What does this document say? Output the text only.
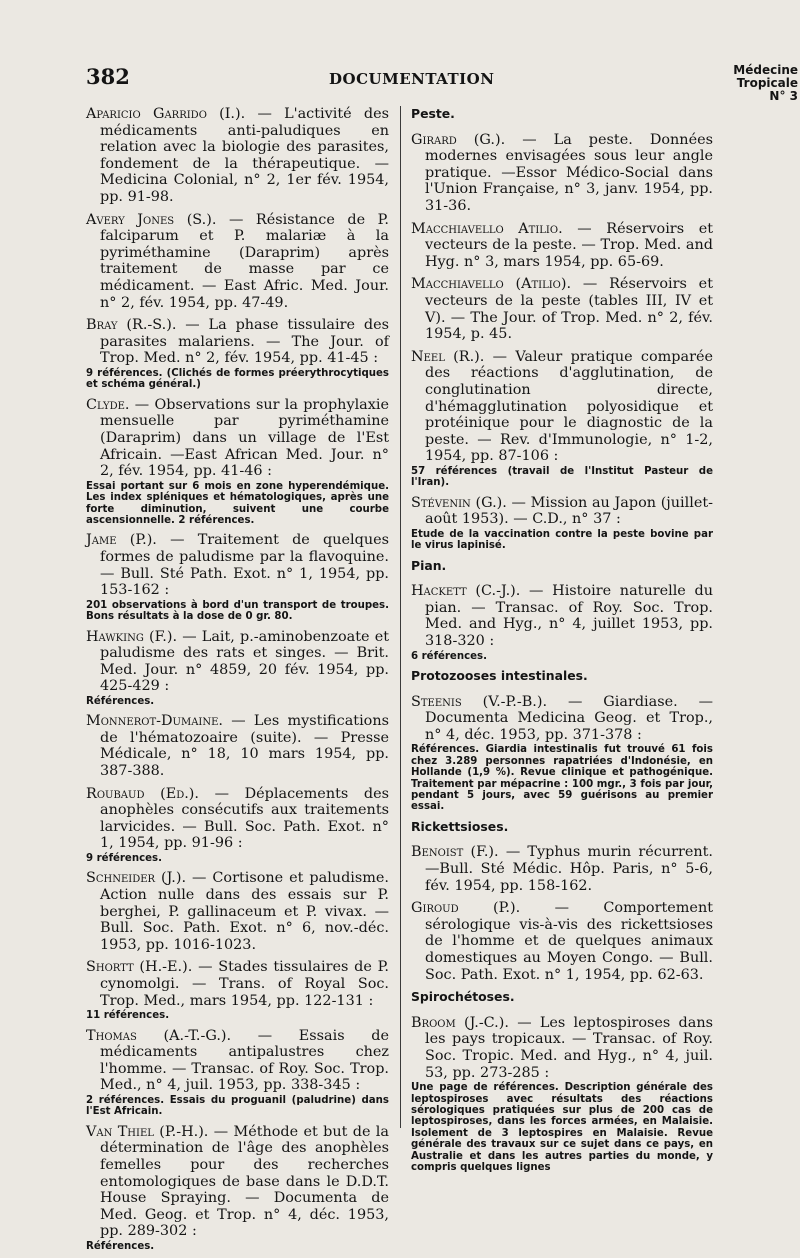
382	DOCUMENTATION	Médecine
Tropicale
N° 3
Aparicio Garrido (I.). — L'activité des médicaments anti-paludiques en relation avec la biologie des parasites, fondement de la thérapeutique. — Medicina Colonial, n° 2, 1er fév. 1954, pp. 91-98.
Avery Jones (S.). — Résistance de P. falciparum et P. malariæ à la pyriméthamine (Daraprim) après traitement de masse par ce médicament. — East Afric. Med. Jour. n° 2, fév. 1954, pp. 47-49.
Bray (R.-S.). — La phase tissulaire des parasites malariens. — The Jour. of Trop. Med. n° 2, fév. 1954, pp. 41-45 :
9 références. (Clichés de formes préerythrocytiques et schéma général.)
Clyde. — Observations sur la prophylaxie mensuelle par pyriméthamine (Daraprim) dans un village de l'Est Africain. —East African Med. Jour. n° 2, fév. 1954, pp. 41-46 :
Essai portant sur 6 mois en zone hyperendémique. Les index spléniques et hématologiques, après une forte diminution, suivent une courbe ascensionnelle. 2 références.
Jame (P.). — Traitement de quelques formes de paludisme par la flavoquine. — Bull. Sté Path. Exot. n° 1, 1954, pp. 153-162 :
201 observations à bord d'un transport de troupes. Bons résultats à la dose de 0 gr. 80.
Hawking (F.). — Lait, p.-aminobenzoate et paludisme des rats et singes. — Brit. Med. Jour. n° 4859, 20 fév. 1954, pp. 425-429 :
Références.
Monnerot-Dumaine. — Les mystifications de l'hématozoaire (suite). — Presse Médicale, n° 18, 10 mars 1954, pp. 387-388.
Roubaud (Ed.). — Déplacements des anophèles consécutifs aux traitements larvicides. — Bull. Soc. Path. Exot. n° 1, 1954, pp. 91-96 :
9 références.
Schneider (J.). — Cortisone et paludisme. Action nulle dans des essais sur P. berghei, P. gallinaceum et P. vivax. — Bull. Soc. Path. Exot. n° 6, nov.-déc. 1953, pp. 1016-1023.
Shortt (H.-E.). — Stades tissulaires de P. cynomolgi. — Trans. of Royal Soc. Trop. Med., mars 1954, pp. 122-131 :
11 références.
Thomas (A.-T.-G.). — Essais de médicaments antipalustres chez l'homme. — Transac. of Roy. Soc. Trop. Med., n° 4, juil. 1953, pp. 338-345 :
2 références. Essais du proguanil (paludrine) dans l'Est Africain.
Van Thiel (P.-H.). — Méthode et but de la détermination de l'âge des anophèles femelles pour des recherches entomologiques de base dans le D.D.T. House Spraying. — Documenta de Med. Geog. et Trop. n° 4, déc. 1953, pp. 289-302 :
Références.
Peste.
Girard (G.). — La peste. Données modernes envisagées sous leur angle pratique. —Essor Médico-Social dans l'Union Française, n° 3, janv. 1954, pp. 31-36.
Macchiavello Atilio. — Réservoirs et vecteurs de la peste. — Trop. Med. and Hyg. n° 3, mars 1954, pp. 65-69.
Macchiavello (Atilio). — Réservoirs et vecteurs de la peste (tables III, IV et V). — The Jour. of Trop. Med. n° 2, fév. 1954, p. 45.
Neel (R.). — Valeur pratique comparée des réactions d'agglutination, de conglutination directe, d'hémagglutination polyosidique et protéinique pour le diagnostic de la peste. — Rev. d'Immunologie, n° 1-2, 1954, pp. 87-106 :
57 références (travail de l'Institut Pasteur de l'Iran).
Stévenin (G.). — Mission au Japon (juillet-août 1953). — C.D., n° 37 :
Etude de la vaccination contre la peste bovine par le virus lapinisé.
Pian.
Hackett (C.-J.). — Histoire naturelle du pian. — Transac. of Roy. Soc. Trop. Med. and Hyg., n° 4, juillet 1953, pp. 318-320 :
6 références.
Protozooses intestinales.
Steenis (V.-P.-B.). — Giardiase. — Documenta Medicina Geog. et Trop., n° 4, déc. 1953, pp. 371-378 :
Références. Giardia intestinalis fut trouvé 61 fois chez 3.289 personnes rapatriées d'Indonésie, en Hollande (1,9 %). Revue clinique et pathogénique. Traitement par mépacrine : 100 mgr., 3 fois par jour, pendant 5 jours, avec 59 guérisons au premier essai.
Rickettsioses.
Benoist (F.). — Typhus murin récurrent. —Bull. Sté Médic. Hôp. Paris, n° 5-6, fév. 1954, pp. 158-162.
Giroud (P.). — Comportement sérologique vis-à-vis des rickettsioses de l'homme et de quelques animaux domestiques au Moyen Congo. — Bull. Soc. Path. Exot. n° 1, 1954, pp. 62-63.
Spirochétoses.
Broom (J.-C.). — Les leptospiroses dans les pays tropicaux. — Transac. of Roy. Soc. Tropic. Med. and Hyg., n° 4, juil. 53, pp. 273-285 :
Une page de références. Description générale des leptospiroses avec résultats des réactions sérologiques pratiquées sur plus de 200 cas de leptospiroses, dans les forces armées, en Malaisie. Isolement de 3 leptospires en Malaisie. Revue générale des travaux sur ce sujet dans ce pays, en Australie et dans les autres parties du monde, y compris quelques lignes
